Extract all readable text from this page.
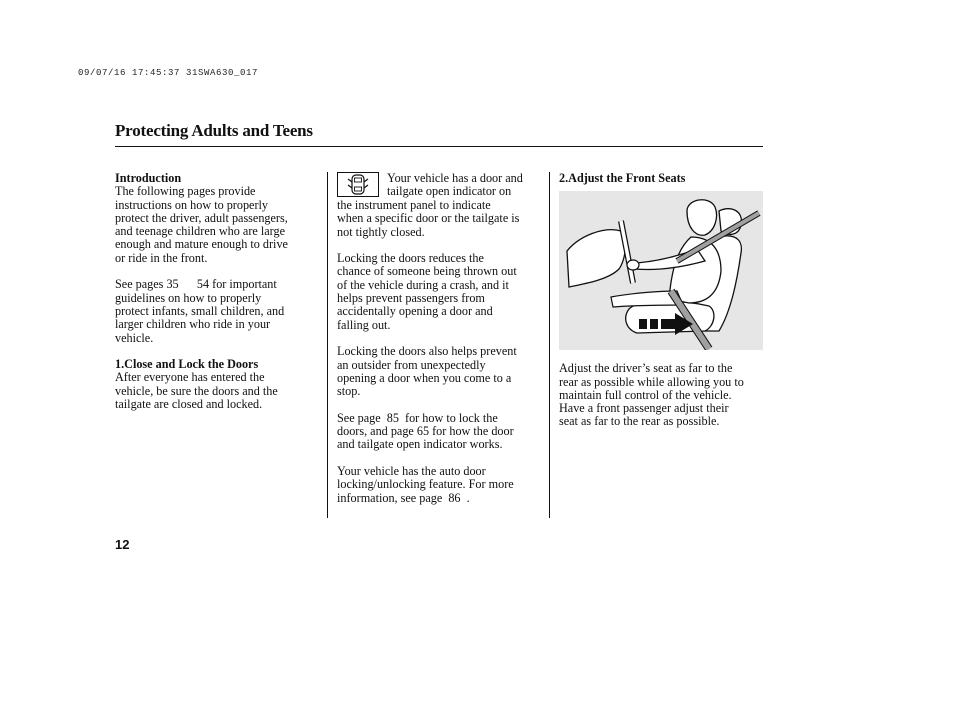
09/07/16 17:45:37 31SWA630_017
Protecting Adults and Teens
Introduction

The following pages provide
instructions on how to properly
protect the driver, adult passengers,
and teenage children who are large
enough and mature enough to drive
or ride in the front.

See pages 35      54 for important
guidelines on how to properly
protect infants, small children, and
larger children who ride in your
vehicle.

1.Close and Lock the Doors

After everyone has entered the
vehicle, be sure the doors and the
tailgate are closed and locked.

Your vehicle has a door and
tailgate open indicator on
the instrument panel to indicate
when a specific door or the tailgate is
not tightly closed.

Locking the doors reduces the
chance of someone being thrown out
of the vehicle during a crash, and it
helps prevent passengers from
accidentally opening a door and
falling out.

Locking the doors also helps prevent
an outsider from unexpectedly
opening a door when you come to a
stop.

See page  85  for how to lock the
doors, and page 65 for how the door
and tailgate open indicator works.

Your vehicle has the auto door
locking/unlocking feature. For more
information, see page  86  .

2.Adjust the Front Seats

Adjust the driver’s seat as far to the
rear as possible while allowing you to
maintain full control of the vehicle.
Have a front passenger adjust their
seat as far to the rear as possible.

12
